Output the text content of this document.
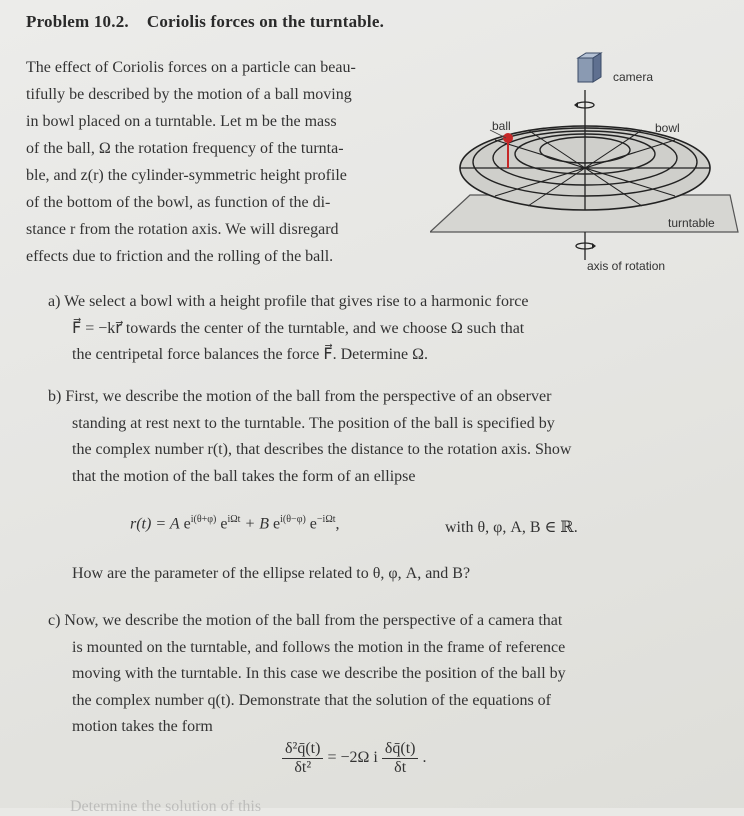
Problem 10.2. Coriolis forces on the turntable.
The effect of Coriolis forces on a particle can beau-
tifully be described by the motion of a ball moving
in bowl placed on a turntable. Let m be the mass
of the ball, Ω the rotation frequency of the turnta-
ble, and z(r) the cylinder-symmetric height profile
of the bottom of the bowl, as function of the di-
stance r from the rotation axis. We will disregard
effects due to friction and the rolling of the ball.
camera
ball	bowl
turntable
axis of rotation
a) We select a bowl with a height profile that gives rise to a harmonic force
F⃗ = −kr⃗ towards the center of the turntable, and we choose Ω such that
the centripetal force balances the force F⃗. Determine Ω.
b) First, we describe the motion of the ball from the perspective of an observer
standing at rest next to the turntable. The position of the ball is specified by
the complex number r(t), that describes the distance to the rotation axis. Show
that the motion of the ball takes the form of an ellipse
r(t) = A $e^{i(\theta+\varphi)}$ $e^{i\Omega t} + B$ $e^{i(\theta-\varphi)}$ $e^{-i\Omega t}$,	with θ, φ, A, B ∈ ℝ.
How are the parameter of the ellipse related to θ, φ, A, and B?
c) Now, we describe the motion of the ball from the perspective of a camera that
is mounted on the turntable, and follows the motion in the frame of reference
moving with the turntable. In this case we describe the position of the ball by
the complex number q(t). Demonstrate that the solution of the equations of
motion takes the form
$\frac{\text{δ²q̄(t)}}{\text{δt²}} = -2\Omega$ i $\frac{\delta q̄(t)}{\delta t}$ .
Determine the solution of this
